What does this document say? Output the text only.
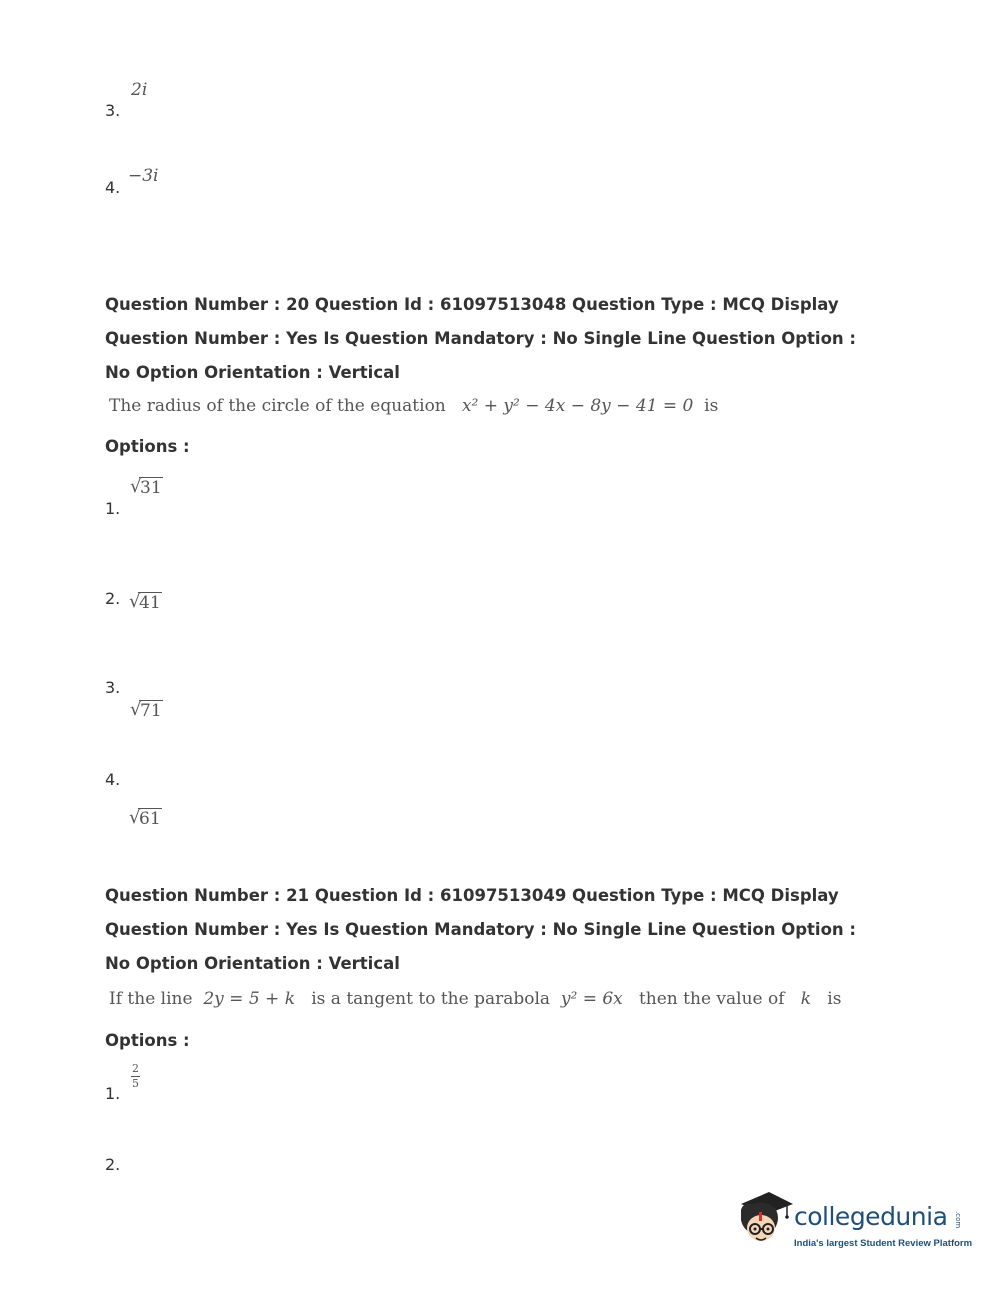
3.
2i
4.
−3i
Question Number : 20 Question Id : 61097513048 Question Type : MCQ Display Question Number : Yes Is Question Mandatory : No Single Line Question Option : No Option Orientation : Vertical
The radius of the circle of the equation x² + y² − 4x − 8y − 41 = 0 is
Options :
1.
√
31
2. √
41
3.
√
71
4.
√
61
Question Number : 21 Question Id : 61097513049 Question Type : MCQ Display Question Number : Yes Is Question Mandatory : No Single Line Question Option : No Option Orientation : Vertical
If the line 2y = 5 + k is a tangent to the parabola y² = 6x then the value of k is
Options :
1.
$\frac{2}{5}$
2.
collegedunia .com
India's largest Student Review Platform
